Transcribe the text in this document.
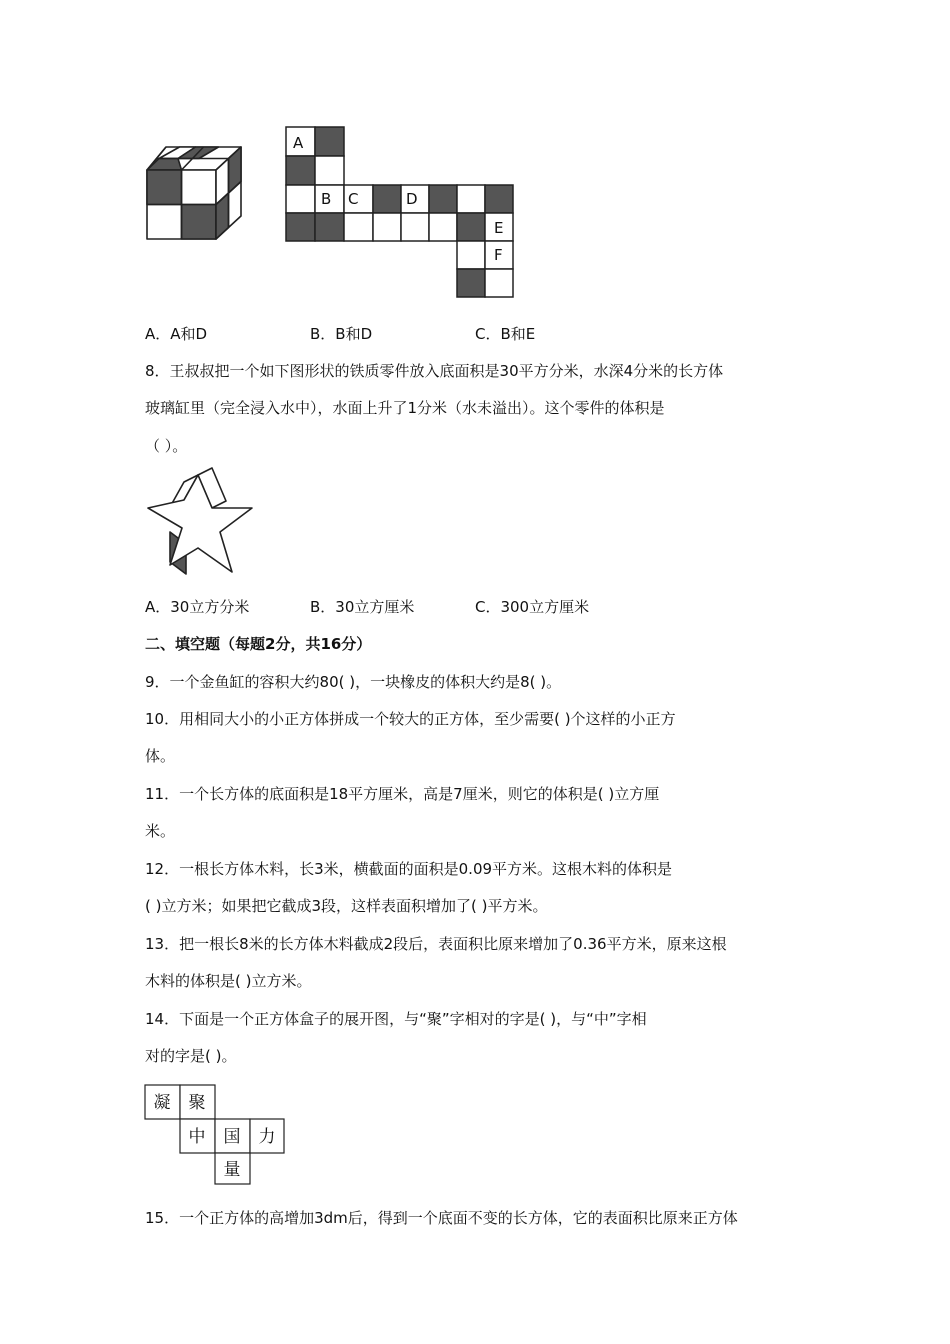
A
B C	D
E
F
A．A和D	B．B和D	C．B和E
8．王叔叔把一个如下图形状的铁质零件放入底面积是30平方分米，水深4分米的长方体
玻璃缸里（完全浸入水中），水面上升了1分米（水未溢出）。这个零件的体积是
（ ）。
A．30立方分米	B．30立方厘米	C．300立方厘米
二、填空题（每题2分，共16分）
9．一个金鱼缸的容积大约80( )，一块橡皮的体积大约是8( )。
10．用相同大小的小正方体拼成一个较大的正方体，至少需要( )个这样的小正方
体。
11．一个长方体的底面积是18平方厘米，高是7厘米，则它的体积是( )立方厘
米。
12．一根长方体木料，长3米，横截面的面积是0.09平方米。这根木料的体积是
( )立方米；如果把它截成3段，这样表面积增加了( )平方米。
13．把一根长8米的长方体木料截成2段后，表面积比原来增加了0.36平方米，原来这根
木料的体积是( )立方米。
14．下面是一个正方体盒子的展开图，与“聚”字相对的字是( )，与“中”字相
对的字是( )。
凝 聚
中 国 力
量
15．一个正方体的高增加3dm后，得到一个底面不变的长方体，它的表面积比原来正方体
